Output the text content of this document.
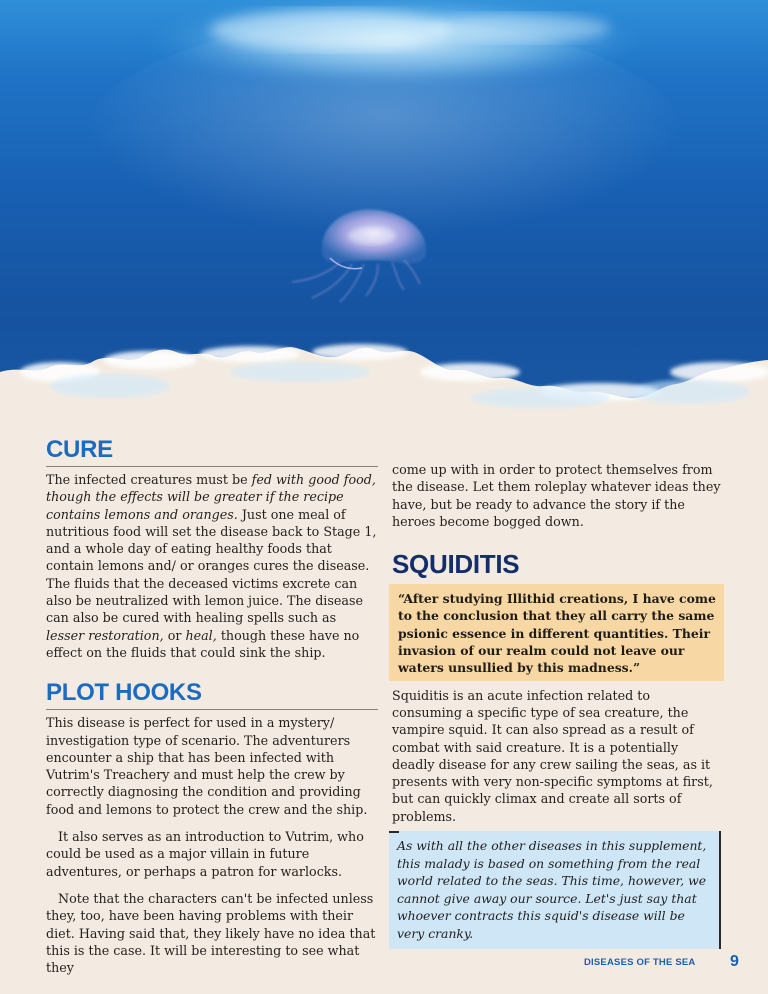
CURE

The infected creatures must be fed with good food, though the effects will be greater if the recipe contains lemons and oranges. Just one meal of nutritious food will set the disease back to Stage 1, and a whole day of eating healthy foods that contain lemons and/ or oranges cures the disease. The fluids that the deceased victims excrete can also be neutralized with lemon juice. The disease can also be cured with healing spells such as lesser restoration, or heal, though these have no effect on the fluids that could sink the ship.

PLOT HOOKS

This disease is perfect for used in a mystery/ investigation type of scenario. The adventurers encounter a ship that has been infected with Vutrim's Treachery and must help the crew by correctly diagnosing the condition and providing food and lemons to protect the crew and the ship.

It also serves as an introduction to Vutrim, who could be used as a major villain in future adventures, or perhaps a patron for warlocks.

Note that the characters can't be infected unless they, too, have been having problems with their diet. Having said that, they likely have no idea that this is the case. It will be interesting to see what they

come up with in order to protect themselves from the disease. Let them roleplay whatever ideas they have, but be ready to advance the story if the heroes become bogged down.

SQUIDITIS
“After studying Illithid creations, I have come to the conclusion that they all carry the same psionic essence in different quantities. Their invasion of our realm could not leave our waters unsullied by this madness.”

Squiditis is an acute infection related to consuming a specific type of sea creature, the vampire squid. It can also spread as a result of combat with said creature. It is a potentially deadly disease for any crew sailing the seas, as it presents with very non-specific symptoms at first, but can quickly climax and create all sorts of problems.

As with all the other diseases in this supplement, this malady is based on something from the real world related to the seas. This time, however, we cannot give away our source. Let's just say that whoever contracts this squid's disease will be very cranky.
DISEASES OF THE SEA 9
